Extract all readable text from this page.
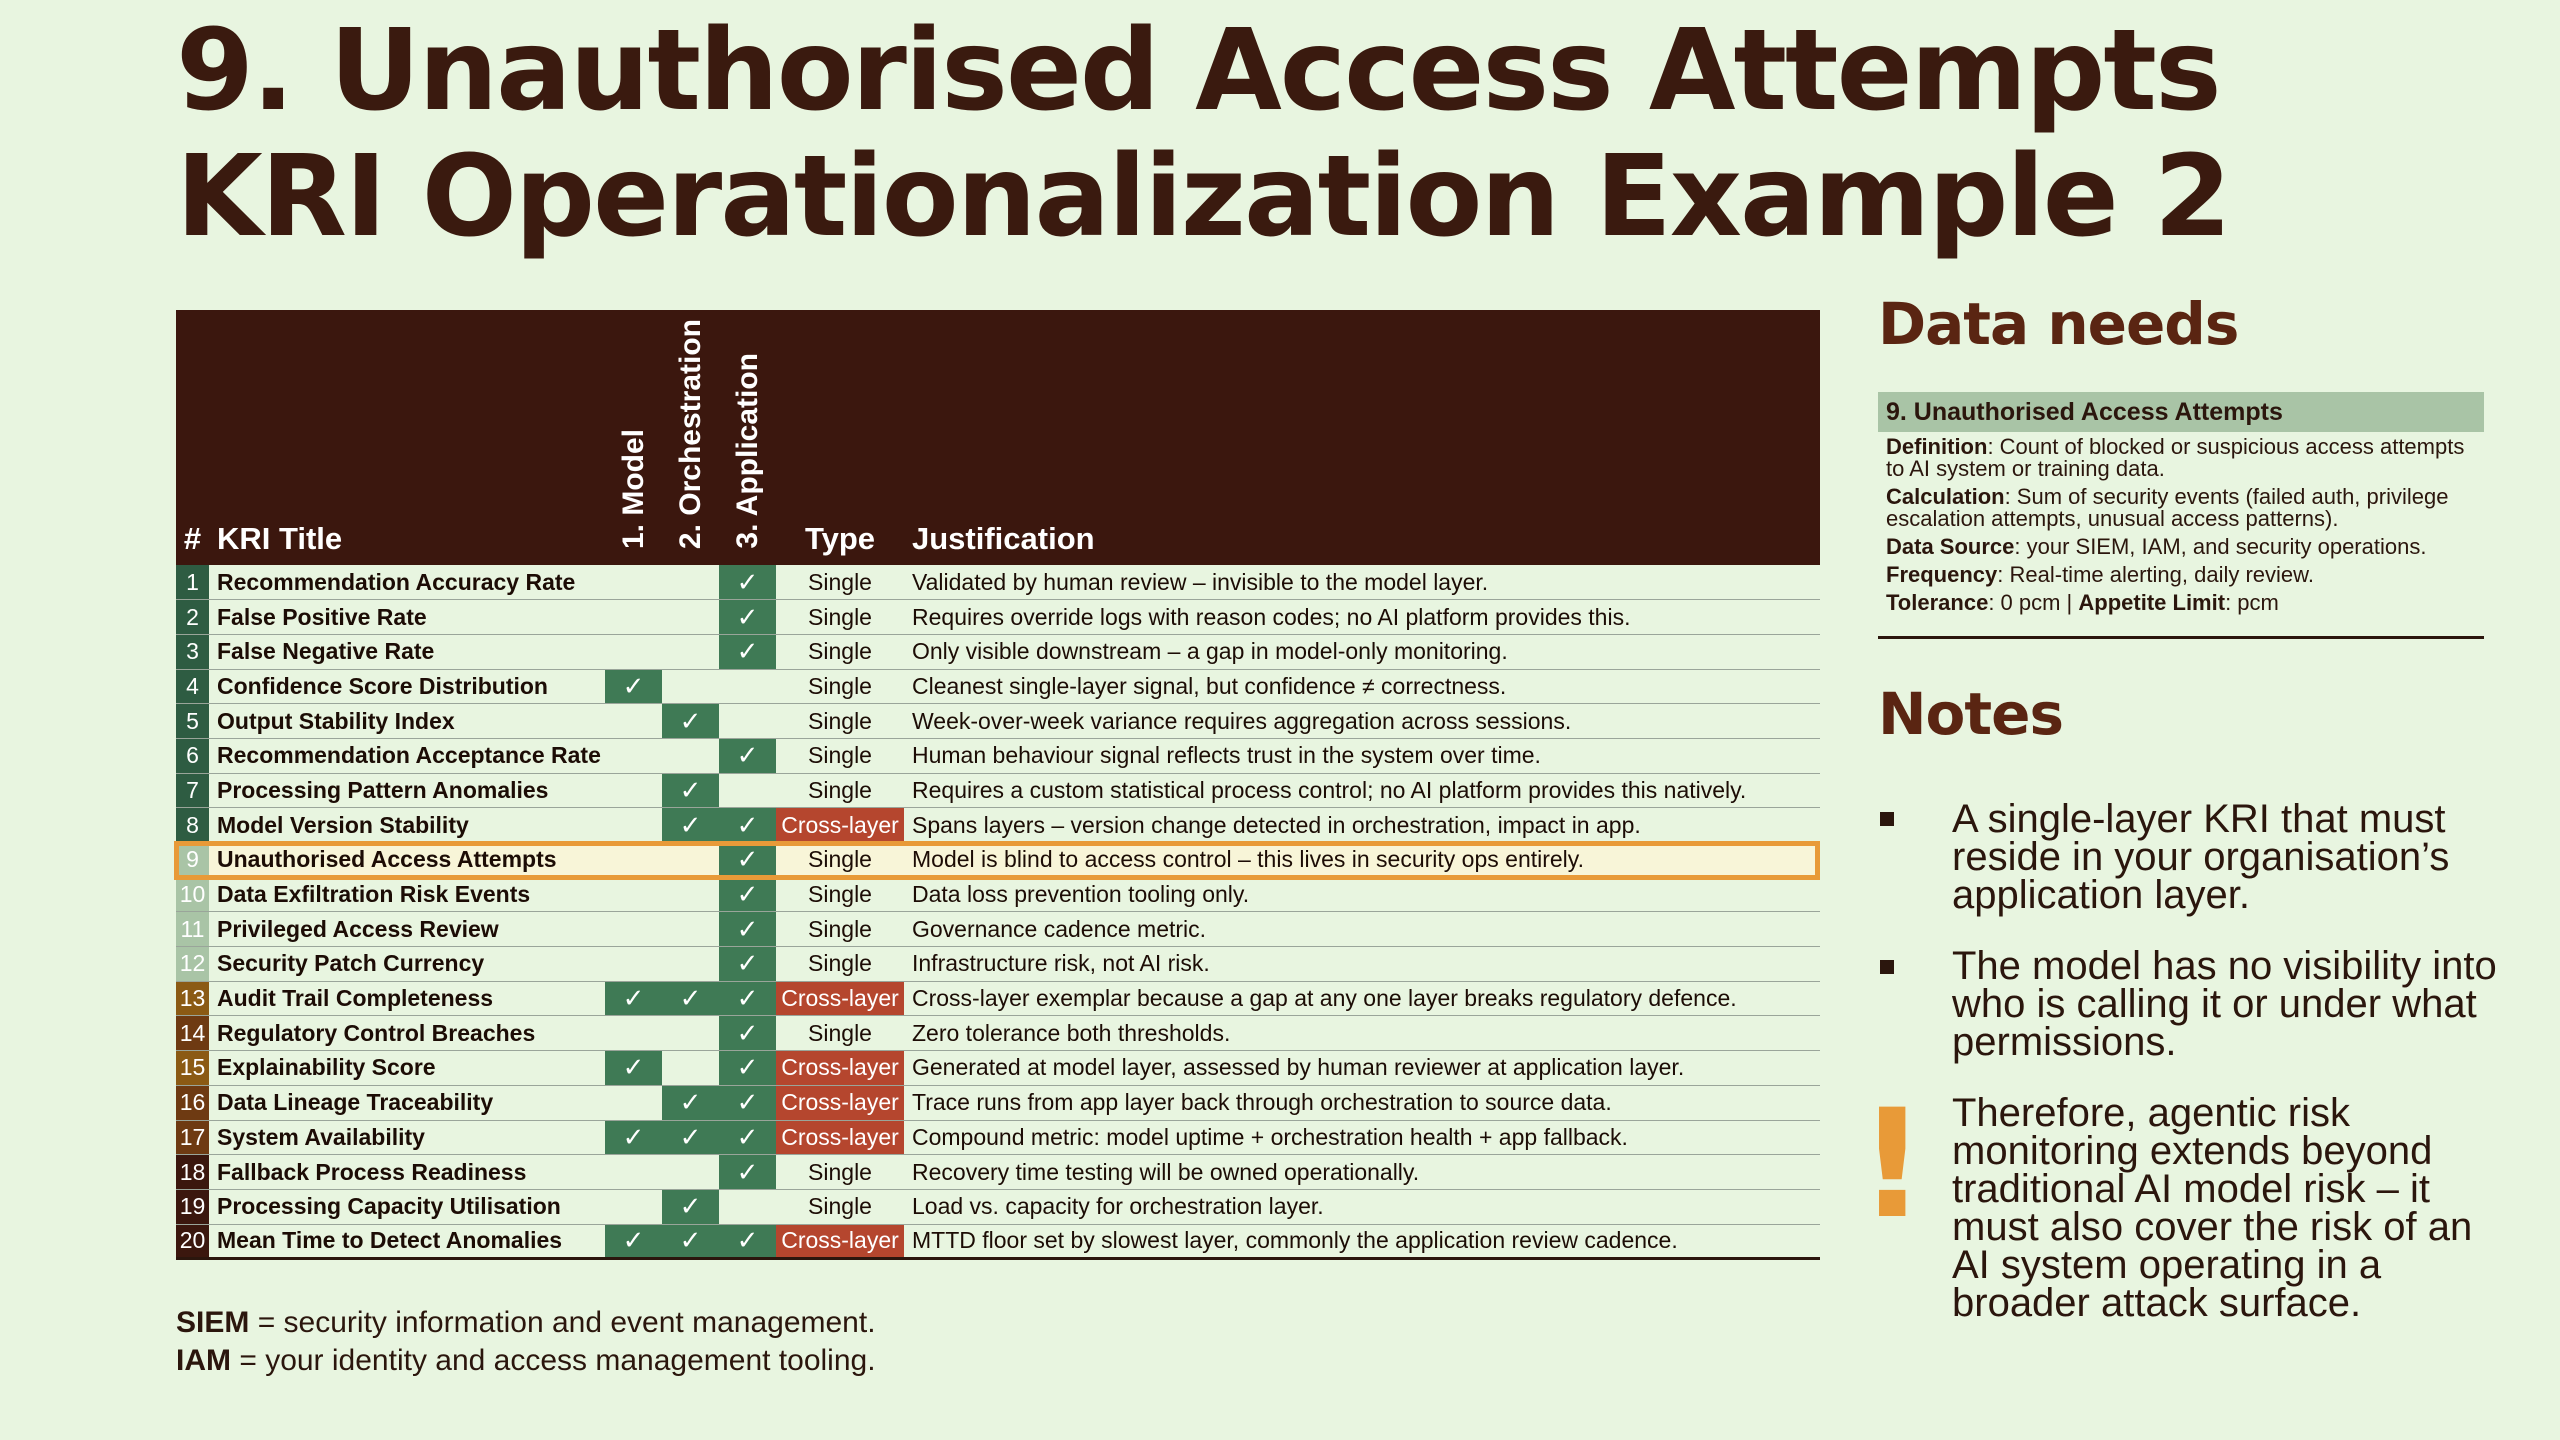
9. Unauthorised Access Attempts
KRI Operationalization Example 2
#	KRI Title	1. Model	2. Orchestration	3. Application	Type	Justification
1	Recommendation Accuracy Rate			✓	Single	Validated by human review – invisible to the model layer.
2	False Positive Rate			✓	Single	Requires override logs with reason codes; no AI platform provides this.
3	False Negative Rate			✓	Single	Only visible downstream – a gap in model-only monitoring.
4	Confidence Score Distribution	✓			Single	Cleanest single-layer signal, but confidence ≠ correctness.
5	Output Stability Index		✓		Single	Week-over-week variance requires aggregation across sessions.
6	Recommendation Acceptance Rate			✓	Single	Human behaviour signal reflects trust in the system over time.
7	Processing Pattern Anomalies		✓		Single	Requires a custom statistical process control; no AI platform provides this natively.
8	Model Version Stability		✓	✓	Cross-layer	Spans layers – version change detected in orchestration, impact in app.
9	Unauthorised Access Attempts			✓	Single	Model is blind to access control – this lives in security ops entirely.
10	Data Exfiltration Risk Events			✓	Single	Data loss prevention tooling only.
11	Privileged Access Review			✓	Single	Governance cadence metric.
12	Security Patch Currency			✓	Single	Infrastructure risk, not AI risk.
13	Audit Trail Completeness	✓	✓	✓	Cross-layer	Cross-layer exemplar because a gap at any one layer breaks regulatory defence.
14	Regulatory Control Breaches			✓	Single	Zero tolerance both thresholds.
15	Explainability Score	✓		✓	Cross-layer	Generated at model layer, assessed by human reviewer at application layer.
16	Data Lineage Traceability		✓	✓	Cross-layer	Trace runs from app layer back through orchestration to source data.
17	System Availability	✓	✓	✓	Cross-layer	Compound metric: model uptime + orchestration health + app fallback.
18	Fallback Process Readiness			✓	Single	Recovery time testing will be owned operationally.
19	Processing Capacity Utilisation		✓		Single	Load vs. capacity for orchestration layer.
20	Mean Time to Detect Anomalies	✓	✓	✓	Cross-layer	MTTD floor set by slowest layer, commonly the application review cadence.
SIEM = security information and event management.
IAM = your identity and access management tooling.
Data needs
9. Unauthorised Access Attempts

Definition: Count of blocked or suspicious access attempts to AI system or training data.

Calculation: Sum of security events (failed auth, privilege escalation attempts, unusual access patterns).

Data Source: your SIEM, IAM, and security operations.

Frequency: Real-time alerting, daily review.

Tolerance: 0 pcm | Appetite Limit: pcm

Notes

A single-layer KRI that must reside in your organisation’s application layer.

The model has no visibility into who is calling it or under what permissions.

! Therefore, agentic risk monitoring extends beyond traditional AI model risk – it must also cover the risk of an AI system operating in a broader attack surface.
